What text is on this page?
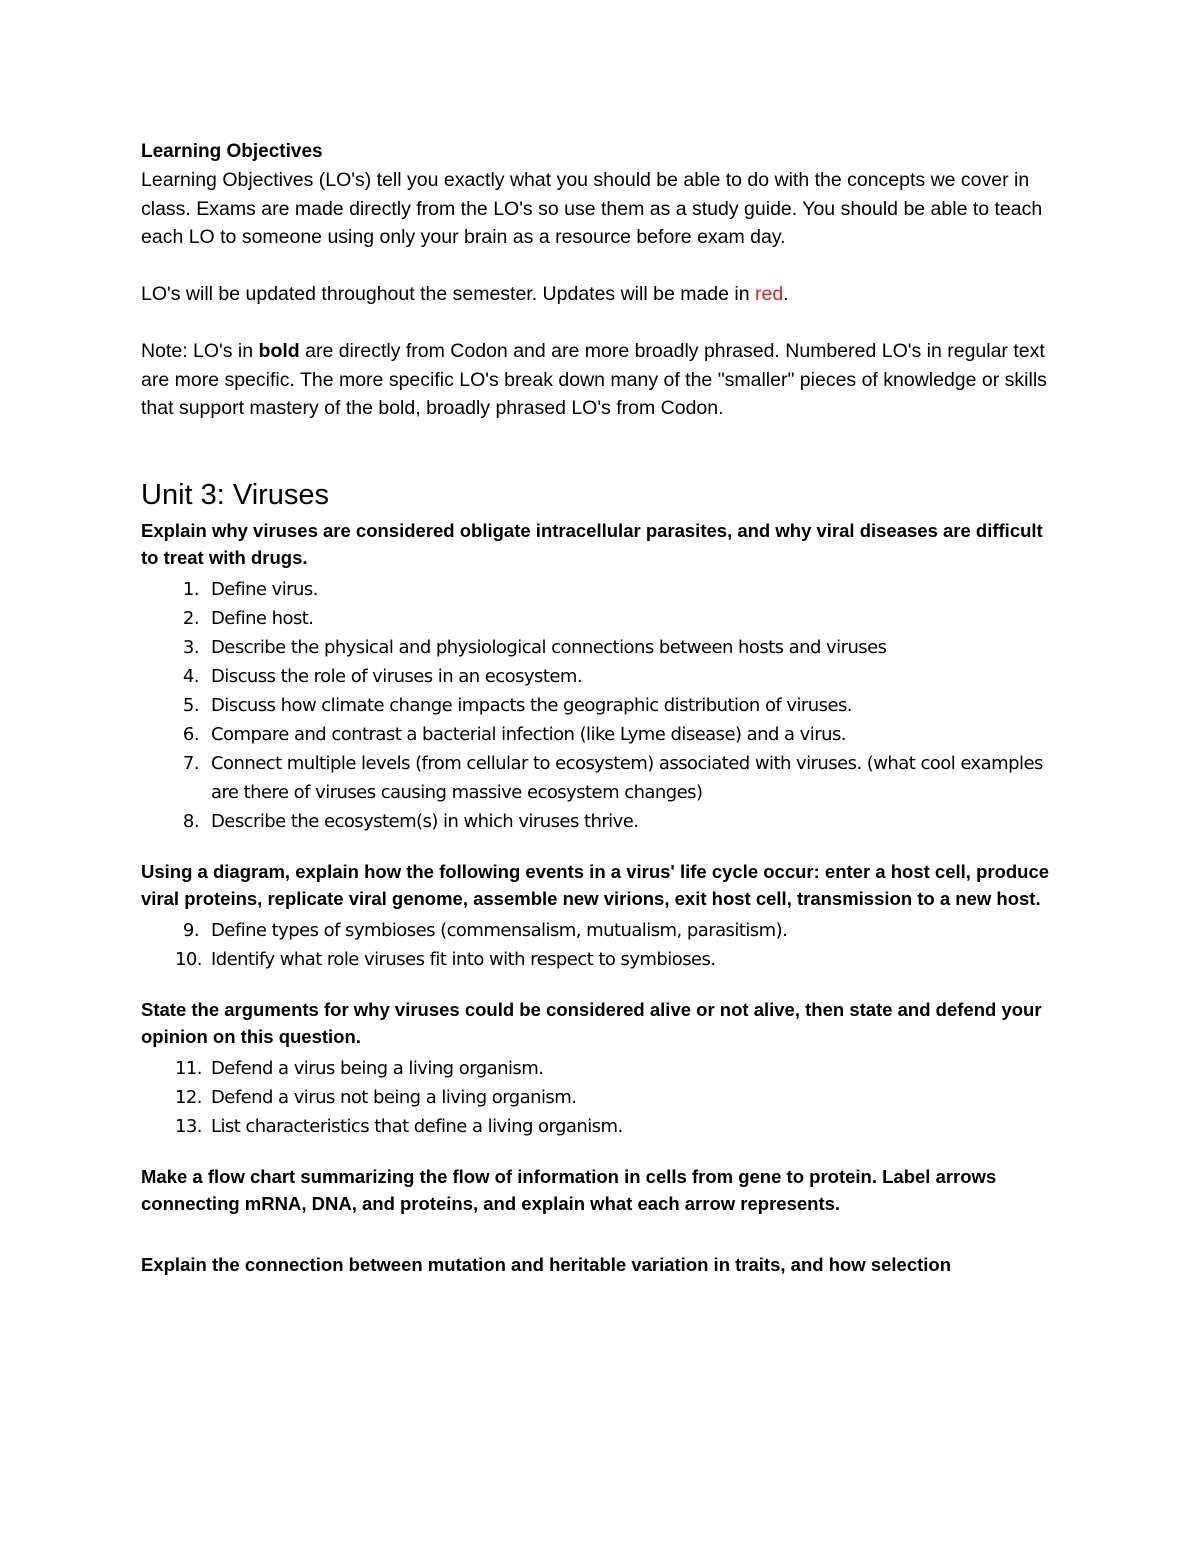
Learning Objectives

Learning Objectives (LO's) tell you exactly what you should be able to do with the concepts we cover in class. Exams are made directly from the LO's so use them as a study guide. You should be able to teach each LO to someone using only your brain as a resource before exam day.

LO's will be updated throughout the semester. Updates will be made in red.

Note: LO's in bold are directly from Codon and are more broadly phrased. Numbered LO's in regular text are more specific. The more specific LO's break down many of the "smaller" pieces of knowledge or skills that support mastery of the bold, broadly phrased LO's from Codon.

Unit 3: Viruses

Explain why viruses are considered obligate intracellular parasites, and why viral diseases are difficult to treat with drugs.

1. Define virus.
2. Define host.
3. Describe the physical and physiological connections between hosts and viruses
4. Discuss the role of viruses in an ecosystem.
5. Discuss how climate change impacts the geographic distribution of viruses.
6. Compare and contrast a bacterial infection (like Lyme disease) and a virus.
7. Connect multiple levels (from cellular to ecosystem) associated with viruses. (what cool examples are there of viruses causing massive ecosystem changes)
8. Describe the ecosystem(s) in which viruses thrive.

Using a diagram, explain how the following events in a virus' life cycle occur: enter a host cell, produce viral proteins, replicate viral genome, assemble new virions, exit host cell, transmission to a new host.

9. Define types of symbioses (commensalism, mutualism, parasitism).
10. Identify what role viruses fit into with respect to symbioses.

State the arguments for why viruses could be considered alive or not alive, then state and defend your opinion on this question.

11. Defend a virus being a living organism.
12. Defend a virus not being a living organism.
13. List characteristics that define a living organism.

Make a flow chart summarizing the flow of information in cells from gene to protein. Label arrows connecting mRNA, DNA, and proteins, and explain what each arrow represents.

Explain the connection between mutation and heritable variation in traits, and how selection
